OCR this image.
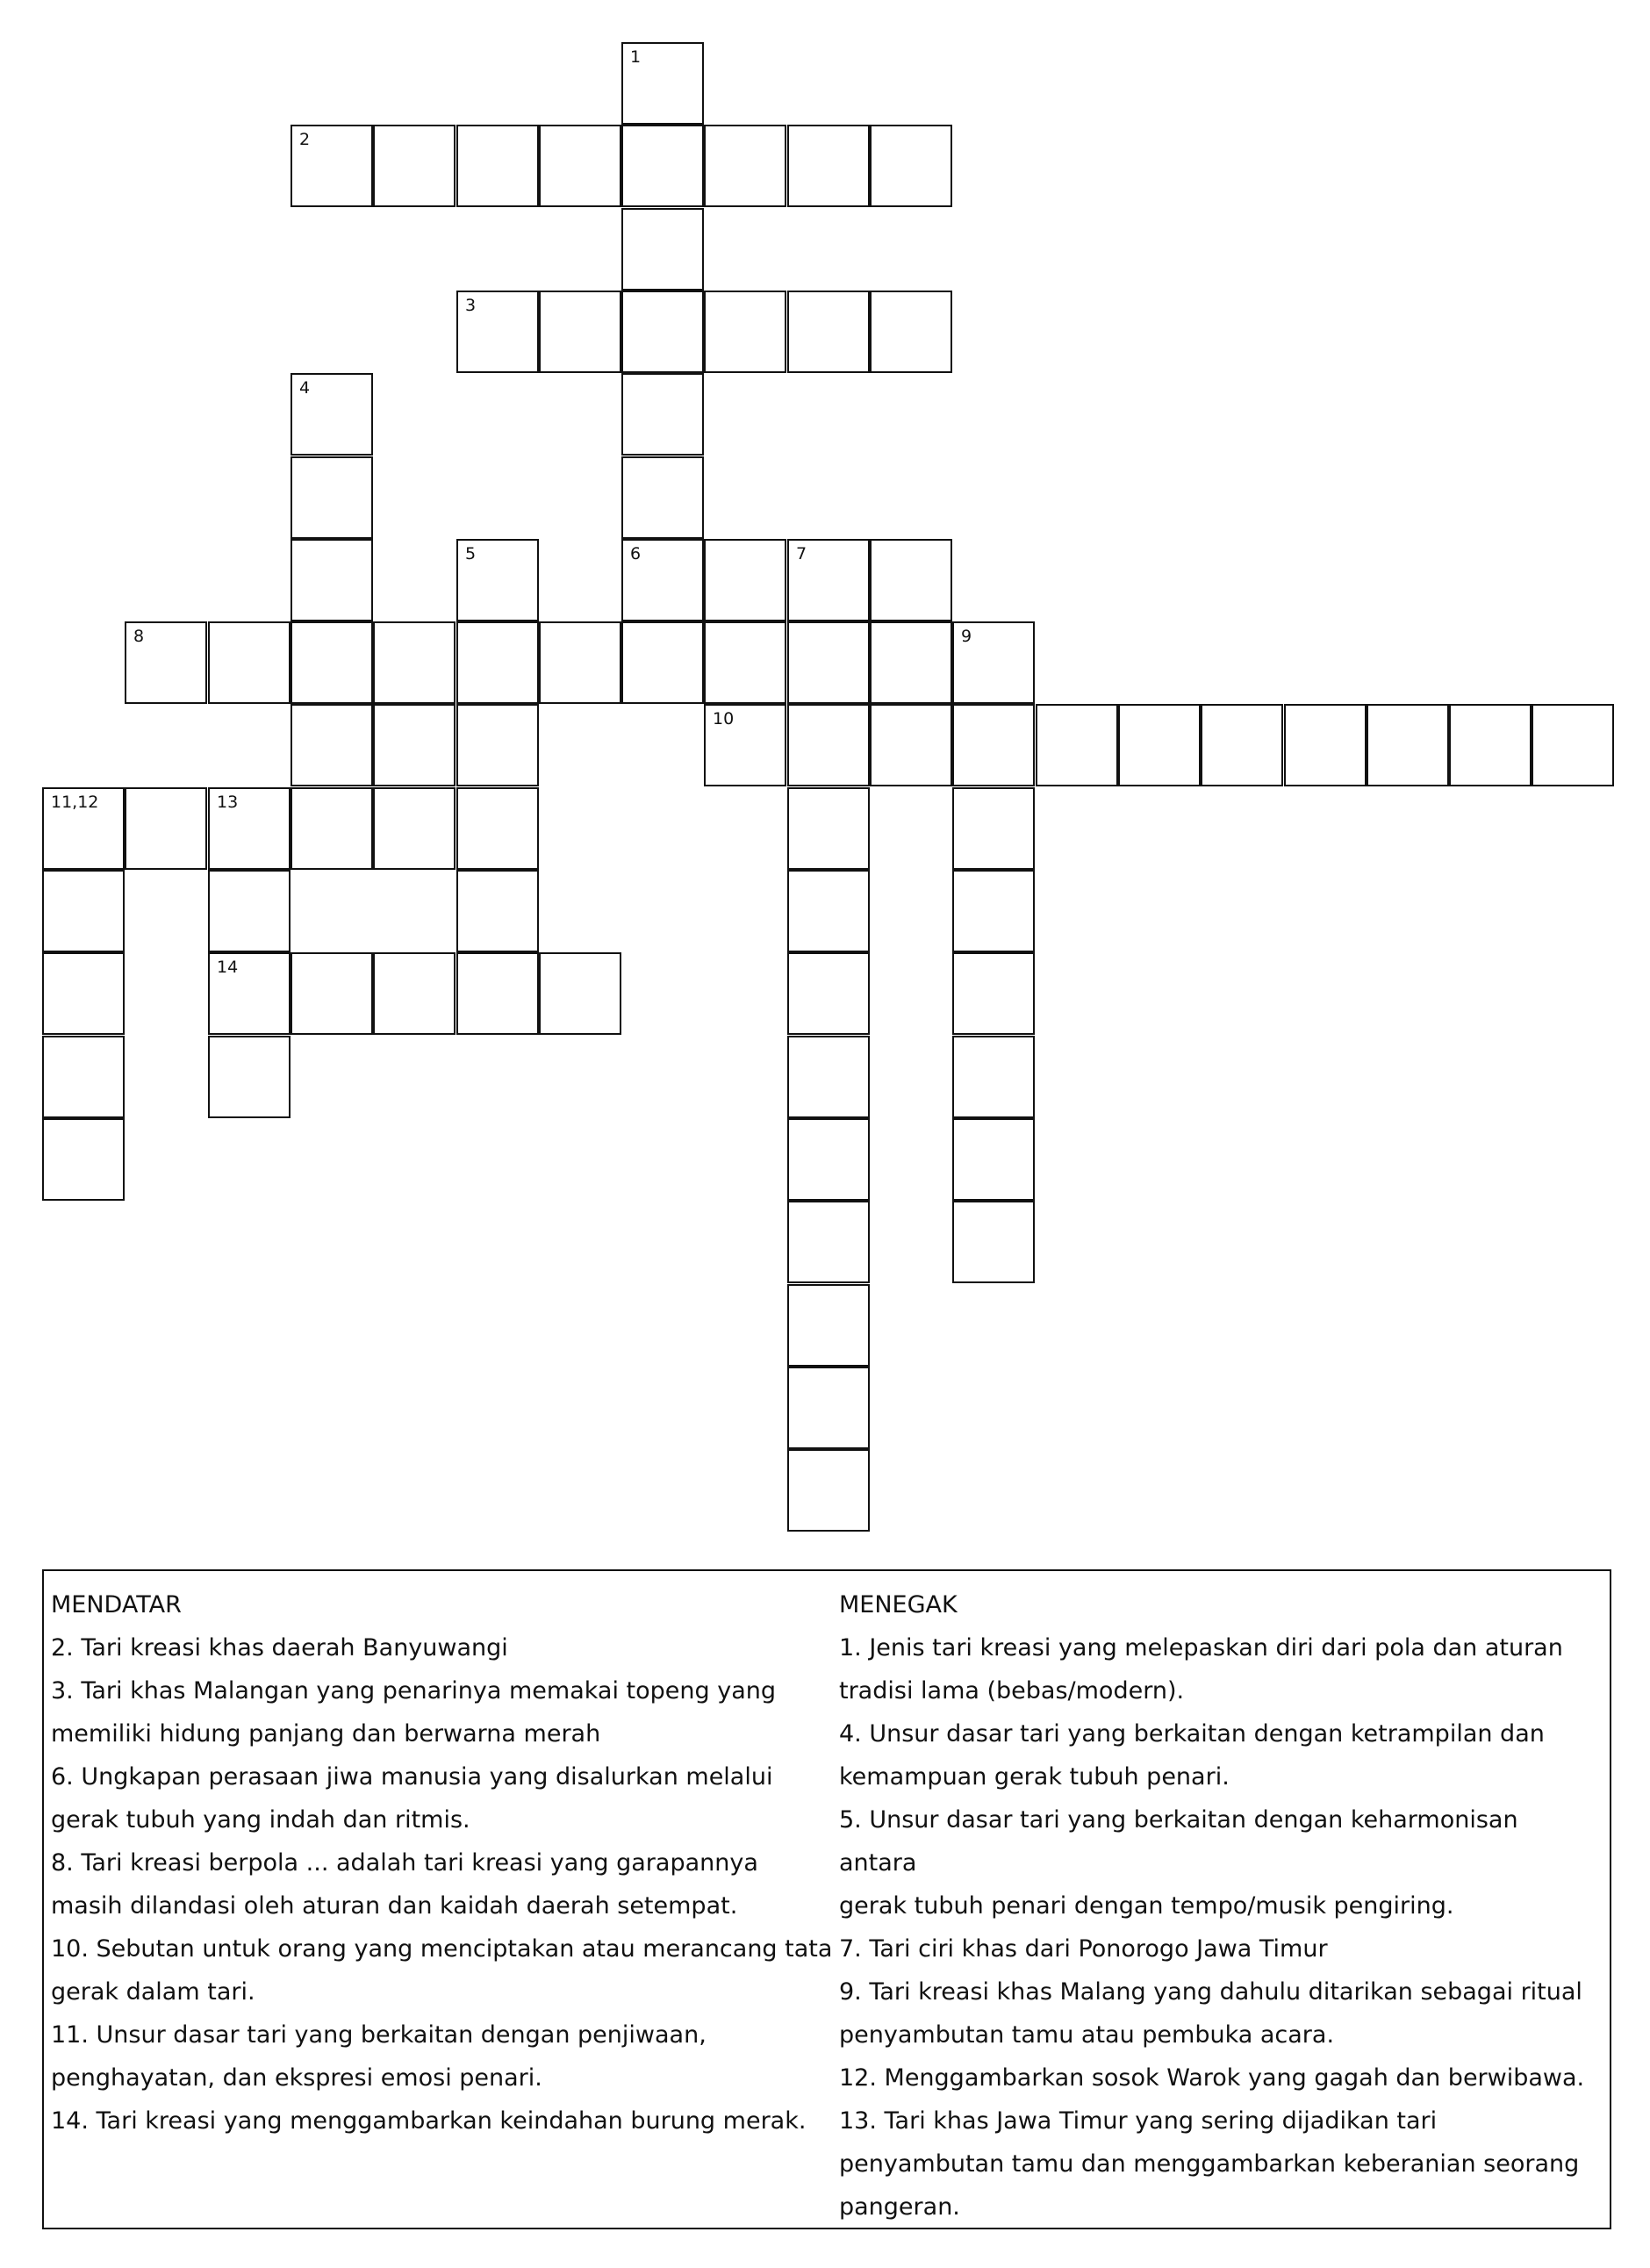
1
2
3
4
5	6	7
8	9
10
11,12	13
14

MENDATAR

2. Tari kreasi khas daerah Banyuwangi

3. Tari khas Malangan yang penarinya memakai topeng yang

memiliki hidung panjang dan berwarna merah

6. Ungkapan perasaan jiwa manusia yang disalurkan melalui

gerak tubuh yang indah dan ritmis.

8. Tari kreasi berpola ... adalah tari kreasi yang garapannya

masih dilandasi oleh aturan dan kaidah daerah setempat.

10. Sebutan untuk orang yang menciptakan atau merancang tata

gerak dalam tari.

11. Unsur dasar tari yang berkaitan dengan penjiwaan,

penghayatan, dan ekspresi emosi penari.

14. Tari kreasi yang menggambarkan keindahan burung merak.

MENEGAK

1. Jenis tari kreasi yang melepaskan diri dari pola dan aturan

tradisi lama (bebas/modern).

4. Unsur dasar tari yang berkaitan dengan ketrampilan dan

kemampuan gerak tubuh penari.

5. Unsur dasar tari yang berkaitan dengan keharmonisan antara

gerak tubuh penari dengan tempo/musik pengiring.

7. Tari ciri khas dari Ponorogo Jawa Timur

9. Tari kreasi khas Malang yang dahulu ditarikan sebagai ritual

penyambutan tamu atau pembuka acara.

12. Menggambarkan sosok Warok yang gagah dan berwibawa.

13. Tari khas Jawa Timur yang sering dijadikan tari

penyambutan tamu dan menggambarkan keberanian seorang

pangeran.
